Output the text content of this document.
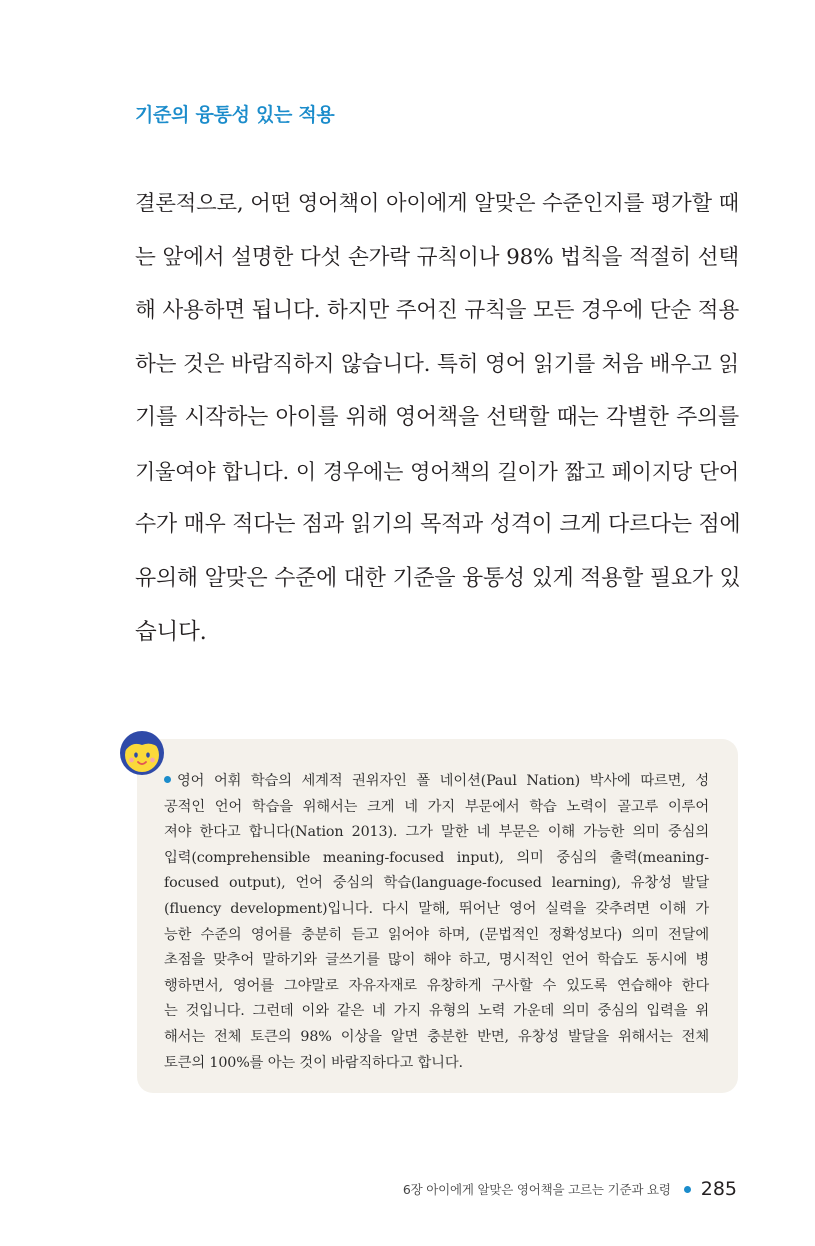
기준의 융통성 있는 적용
결론적으로, 어떤 영어책이 아이에게 알맞은 수준인지를 평가할 때
는 앞에서 설명한 다섯 손가락 규칙이나 98% 법칙을 적절히 선택
해 사용하면 됩니다. 하지만 주어진 규칙을 모든 경우에 단순 적용
하는 것은 바람직하지 않습니다. 특히 영어 읽기를 처음 배우고 읽
기를 시작하는 아이를 위해 영어책을 선택할 때는 각별한 주의를
기울여야 합니다. 이 경우에는 영어책의 길이가 짧고 페이지당 단어
수가 매우 적다는 점과 읽기의 목적과 성격이 크게 다르다는 점에
유의해 알맞은 수준에 대한 기준을 융통성 있게 적용할 필요가 있
습니다.
영어 어휘 학습의 세계적 권위자인 폴 네이션(Paul Nation) 박사에 따르면, 성
공적인 언어 학습을 위해서는 크게 네 가지 부문에서 학습 노력이 골고루 이루어
져야 한다고 합니다(Nation 2013). 그가 말한 네 부문은 이해 가능한 의미 중심의
입력(comprehensible meaning-focused input), 의미 중심의 출력(meaning-
focused output), 언어 중심의 학습(language-focused learning), 유창성 발달
(fluency development)입니다. 다시 말해, 뛰어난 영어 실력을 갖추려면 이해 가
능한 수준의 영어를 충분히 듣고 읽어야 하며, (문법적인 정확성보다) 의미 전달에
초점을 맞추어 말하기와 글쓰기를 많이 해야 하고, 명시적인 언어 학습도 동시에 병
행하면서, 영어를 그야말로 자유자재로 유창하게 구사할 수 있도록 연습해야 한다
는 것입니다. 그런데 이와 같은 네 가지 유형의 노력 가운데 의미 중심의 입력을 위
해서는 전체 토큰의 98% 이상을 알면 충분한 반면, 유창성 발달을 위해서는 전체
토큰의 100%를 아는 것이 바람직하다고 합니다.
6장 아이에게 알맞은 영어책을 고르는 기준과 요령 285
